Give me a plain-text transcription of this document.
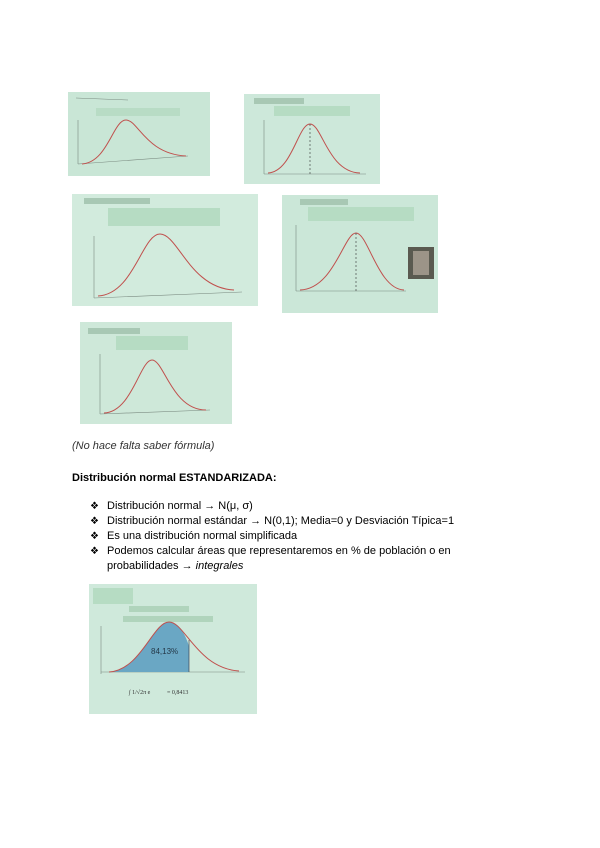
(No hace falta saber fórmula)
Distribución normal ESTANDARIZADA:
❖ Distribución normal → N(μ, σ)
❖ Distribución normal estándar → N(0,1); Media=0 y Desviación Típica=1
❖ Es una distribución normal simplificada
❖ Podemos calcular áreas que representaremos en % de población o en probabilidades → integrales
84,13%
∫ 1/√2π e	= 0,8413
